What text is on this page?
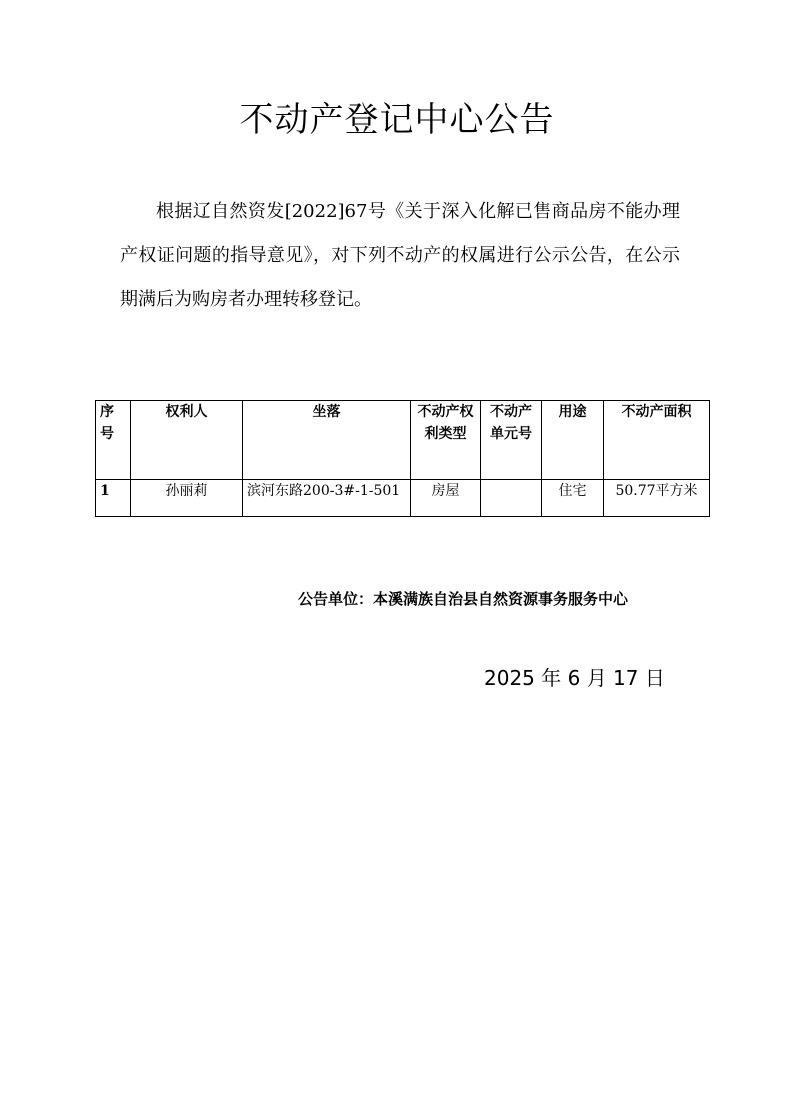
不动产登记中心公告

根据辽自然资发[2022]67号《关于深入化解已售商品房不能办理产权证问题的指导意见》，对下列不动产的权属进行公示公告，在公示期满后为购房者办理转移登记。

序号	权利人	坐落	不动产权利类型	不动产单元号	用途	不动产面积
1	孙丽莉	滨河东路200-3#-1-501	房屋		住宅	50.77平方米
公告单位：本溪满族自治县自然资源事务服务中心
2025 年 6 月 17 日
